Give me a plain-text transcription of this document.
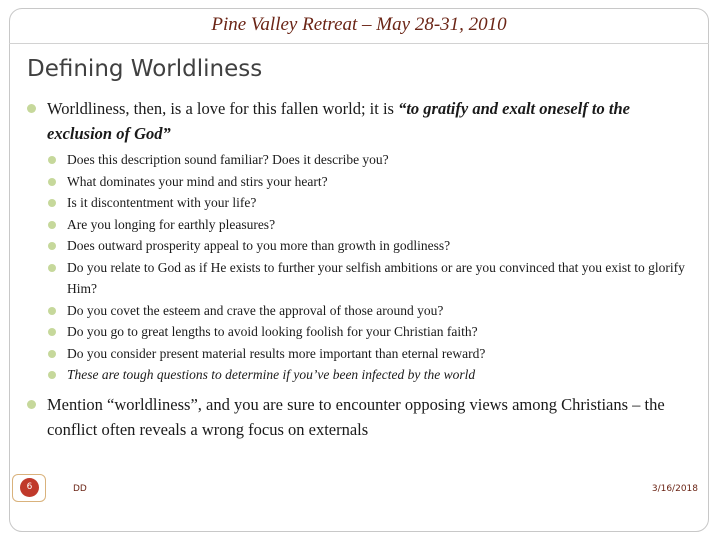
Pine Valley Retreat – May 28-31, 2010
Defining Worldliness
Worldliness, then, is a love for this fallen world; it is “to gratify and exalt oneself to the exclusion of God”
Does this description sound familiar? Does it describe you?
What dominates your mind and stirs your heart?
Is it discontentment with your life?
Are you longing for earthly pleasures?
Does outward prosperity appeal to you more than growth in godliness?
Do you relate to God as if He exists to further your selfish ambitions or are you convinced that you exist to glorify Him?
Do you covet the esteem and crave the approval of those around you?
Do you go to great lengths to avoid looking foolish for your Christian faith?
Do you consider present material results more important than eternal reward?
These are tough questions to determine if you’ve been infected by the world
Mention “worldliness”, and you are sure to encounter opposing views among Christians – the conflict often reveals a wrong focus on externals
6	DD	3/16/2018
